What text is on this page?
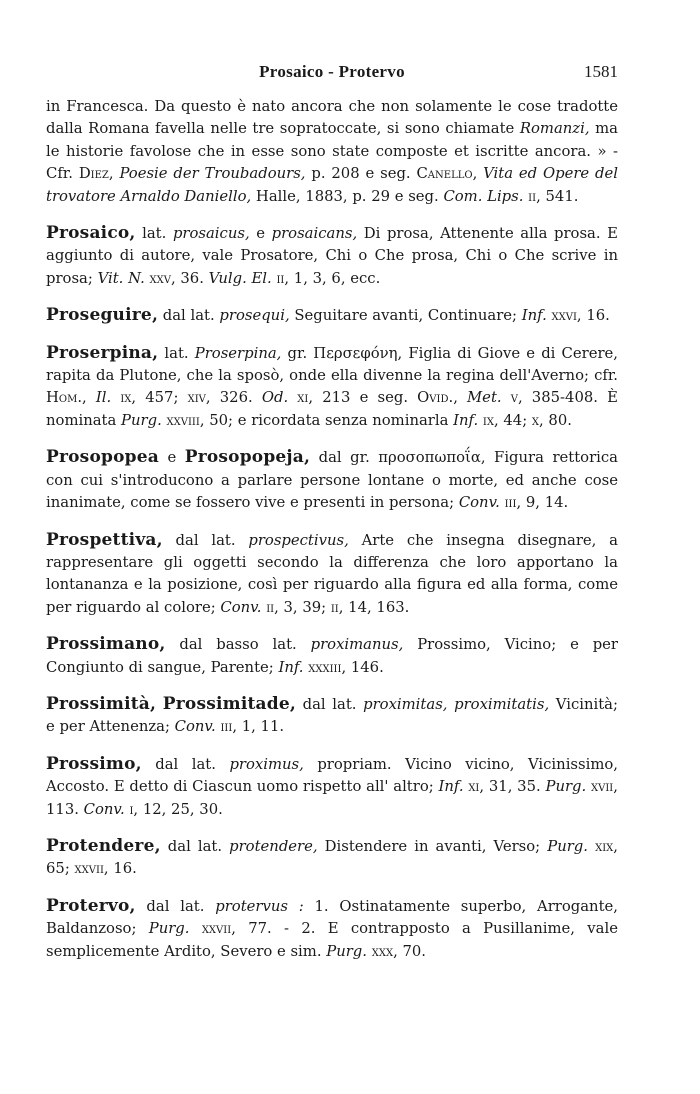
Prosaico - Protervo	1581

in Francesca. Da questo è nato ancora che non solamente le cose tradotte dalla Romana favella nelle tre sopratoccate, si sono chiamate Romanzi, ma le historie favolose che in esse sono state composte et iscritte ancora. » - Cfr. Diez, Poesie der Troubadours, p. 208 e seg. Canello, Vita ed Opere del trovatore Arnaldo Daniello, Halle, 1883, p. 29 e seg. Com. Lips. ii, 541.

Prosaico, lat. prosaicus, e prosaicans, Di prosa, Attenente alla prosa. E aggiunto di autore, vale Prosatore, Chi o Che prosa, Chi o Che scrive in prosa; Vit. N. xxv, 36. Vulg. El. ii, 1, 3, 6, ecc.

Proseguire, dal lat. prosequi, Seguitare avanti, Continuare; Inf. xxvi, 16.

Proserpina, lat. Proserpina, gr. Περσεφόνη, Figlia di Giove e di Cerere, rapita da Plutone, che la sposò, onde ella divenne la regina dell'Averno; cfr. Hom., Il. ix, 457; xiv, 326. Od. xi, 213 e seg. Ovid., Met. v, 385-408. È nominata Purg. xxviii, 50; e ricordata senza nominarla Inf. ix, 44; x, 80.

Prosopopea e Prosopopeja, dal gr. προσοπωποΐα, Figura rettorica con cui s'introducono a parlare persone lontane o morte, ed anche cose inanimate, come se fossero vive e presenti in persona; Conv. iii, 9, 14.

Prospettiva, dal lat. prospectivus, Arte che insegna disegnare, a rappresentare gli oggetti secondo la differenza che loro apportano la lontananza e la posizione, così per riguardo alla figura ed alla forma, come per riguardo al colore; Conv. ii, 3, 39; ii, 14, 163.

Prossimano, dal basso lat. proximanus, Prossimo, Vicino; e per Congiunto di sangue, Parente; Inf. xxxiii, 146.

Prossimità, Prossimitade, dal lat. proximitas, proximitatis, Vicinità; e per Attenenza; Conv. iii, 1, 11.

Prossimo, dal lat. proximus, propriam. Vicino vicino, Vicinissimo, Accosto. E detto di Ciascun uomo rispetto all' altro; Inf. xi, 31, 35. Purg. xvii, 113. Conv. i, 12, 25, 30.

Protendere, dal lat. protendere, Distendere in avanti, Verso; Purg. xix, 65; xxvii, 16.

Protervo, dal lat. protervus : 1. Ostinatamente superbo, Arrogante, Baldanzoso; Purg. xxvii, 77. - 2. E contrapposto a Pusillanime, vale semplicemente Ardito, Severo e sim. Purg. xxx, 70.
